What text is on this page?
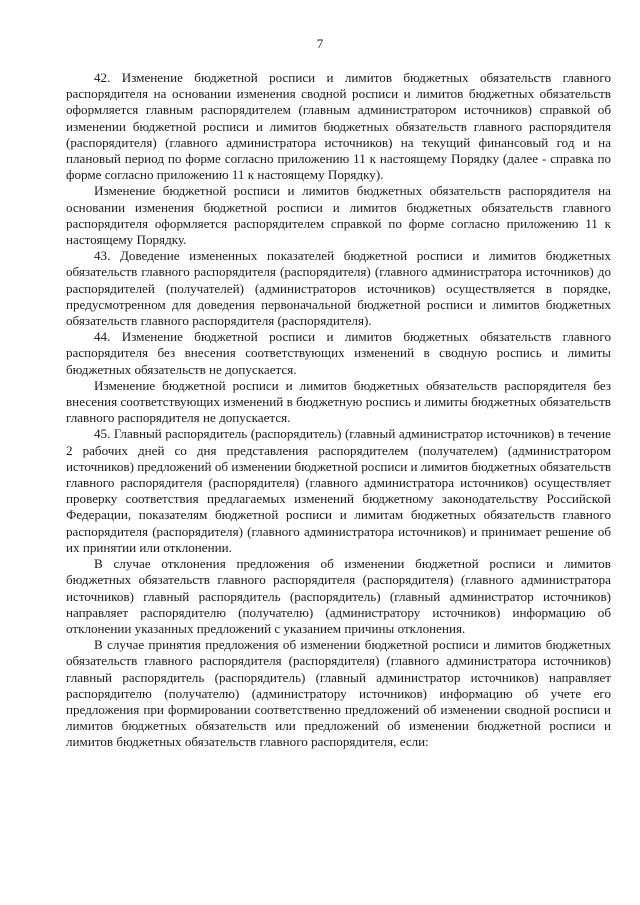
7

42. Изменение бюджетной росписи и лимитов бюджетных обязательств главного распорядителя на основании изменения сводной росписи и лимитов бюджетных обязательств оформляется главным распорядителем (главным администратором источников) справкой об изменении бюджетной росписи и лимитов бюджетных обязательств главного распорядителя (распорядителя) (главного администратора источников) на текущий финансовый год и на плановый период по форме согласно приложению 11 к настоящему Порядку (далее - справка по форме согласно приложению 11 к настоящему Порядку).

Изменение бюджетной росписи и лимитов бюджетных обязательств распорядителя на основании изменения бюджетной росписи и лимитов бюджетных обязательств главного распорядителя оформляется распорядителем справкой по форме согласно приложению 11 к настоящему Порядку.

43. Доведение измененных показателей бюджетной росписи и лимитов бюджетных обязательств главного распорядителя (распорядителя) (главного администратора источников) до распорядителей (получателей) (администраторов источников) осуществляется в порядке, предусмотренном для доведения первоначальной бюджетной росписи и лимитов бюджетных обязательств главного распорядителя (распорядителя).

44. Изменение бюджетной росписи и лимитов бюджетных обязательств главного распорядителя без внесения соответствующих изменений в сводную роспись и лимиты бюджетных обязательств не допускается.

Изменение бюджетной росписи и лимитов бюджетных обязательств распорядителя без внесения соответствующих изменений в бюджетную роспись и лимиты бюджетных обязательств главного распорядителя не допускается.

45. Главный распорядитель (распорядитель) (главный администратор источников) в течение 2 рабочих дней со дня представления распорядителем (получателем) (администратором источников) предложений об изменении бюджетной росписи и лимитов бюджетных обязательств главного распорядителя (распорядителя) (главного администратора источников) осуществляет проверку соответствия предлагаемых изменений бюджетному законодательству Российской Федерации, показателям бюджетной росписи и лимитам бюджетных обязательств главного распорядителя (распорядителя) (главного администратора источников) и принимает решение об их принятии или отклонении.

В случае отклонения предложения об изменении бюджетной росписи и лимитов бюджетных обязательств главного распорядителя (распорядителя) (главного администратора источников) главный распорядитель (распорядитель) (главный администратор источников) направляет распорядителю (получателю) (администратору источников) информацию об отклонении указанных предложений с указанием причины отклонения.

В случае принятия предложения об изменении бюджетной росписи и лимитов бюджетных обязательств главного распорядителя (распорядителя) (главного администратора источников) главный распорядитель (распорядитель) (главный администратор источников) направляет распорядителю (получателю) (администратору источников) информацию об учете его предложения при формировании соответственно предложений об изменении сводной росписи и лимитов бюджетных обязательств или предложений об изменении бюджетной росписи и лимитов бюджетных обязательств главного распорядителя, если:
